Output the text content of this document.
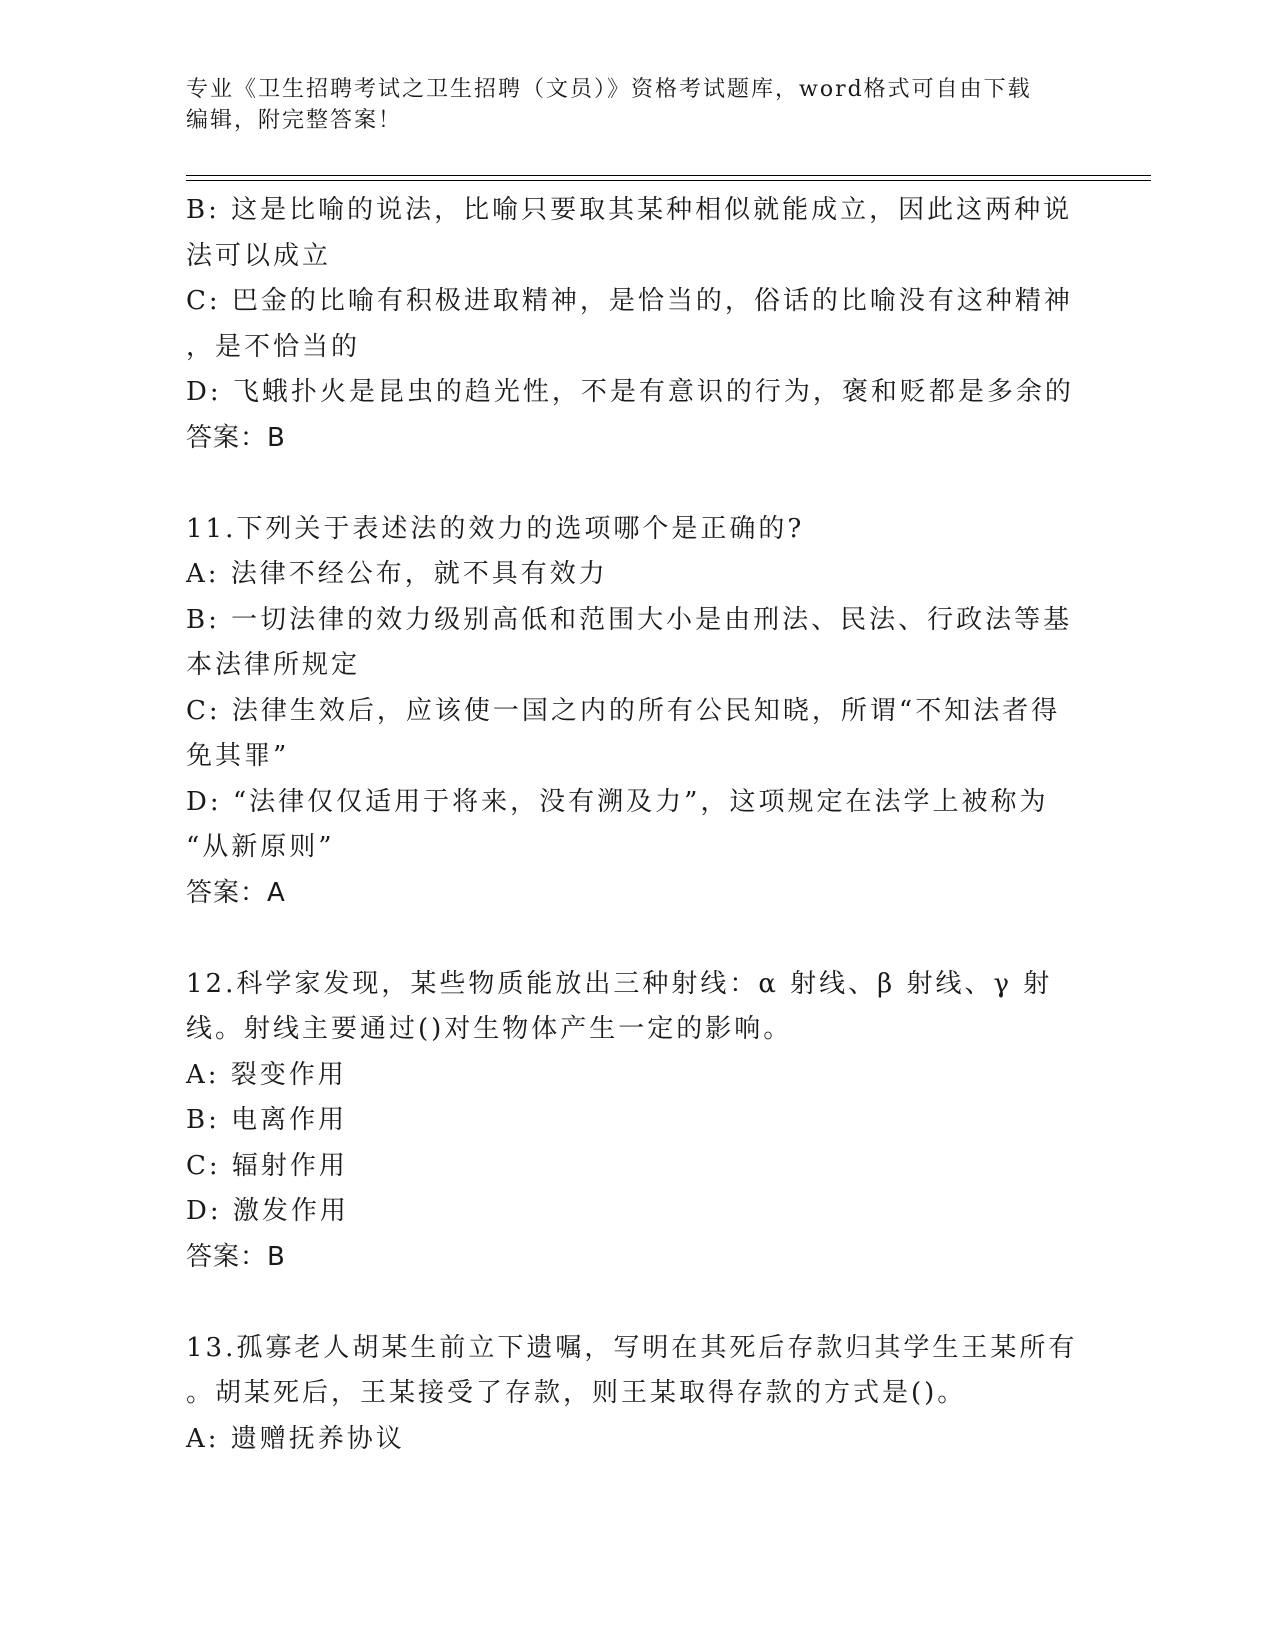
专业《卫生招聘考试之卫生招聘（文员）》资格考试题库，word格式可自由下载
编辑，附完整答案！
B: 这是比喻的说法，比喻只要取其某种相似就能成立，因此这两种说
法可以成立
C: 巴金的比喻有积极进取精神，是恰当的，俗话的比喻没有这种精神
，是不恰当的
D: 飞蛾扑火是昆虫的趋光性，不是有意识的行为，褒和贬都是多余的
答案：B
11.下列关于表述法的效力的选项哪个是正确的?
A: 法律不经公布，就不具有效力
B: 一切法律的效力级别高低和范围大小是由刑法、民法、行政法等基
本法律所规定
C: 法律生效后，应该使一国之内的所有公民知晓，所谓“不知法者得
免其罪”
D: “法律仅仅适用于将来，没有溯及力”，这项规定在法学上被称为
“从新原则”
答案：A
12.科学家发现，某些物质能放出三种射线：α 射线、β 射线、γ 射
线。射线主要通过()对生物体产生一定的影响。
A: 裂变作用
B: 电离作用
C: 辐射作用
D: 激发作用
答案：B
13.孤寡老人胡某生前立下遗嘱，写明在其死后存款归其学生王某所有
。胡某死后，王某接受了存款，则王某取得存款的方式是()。
A: 遗赠抚养协议
